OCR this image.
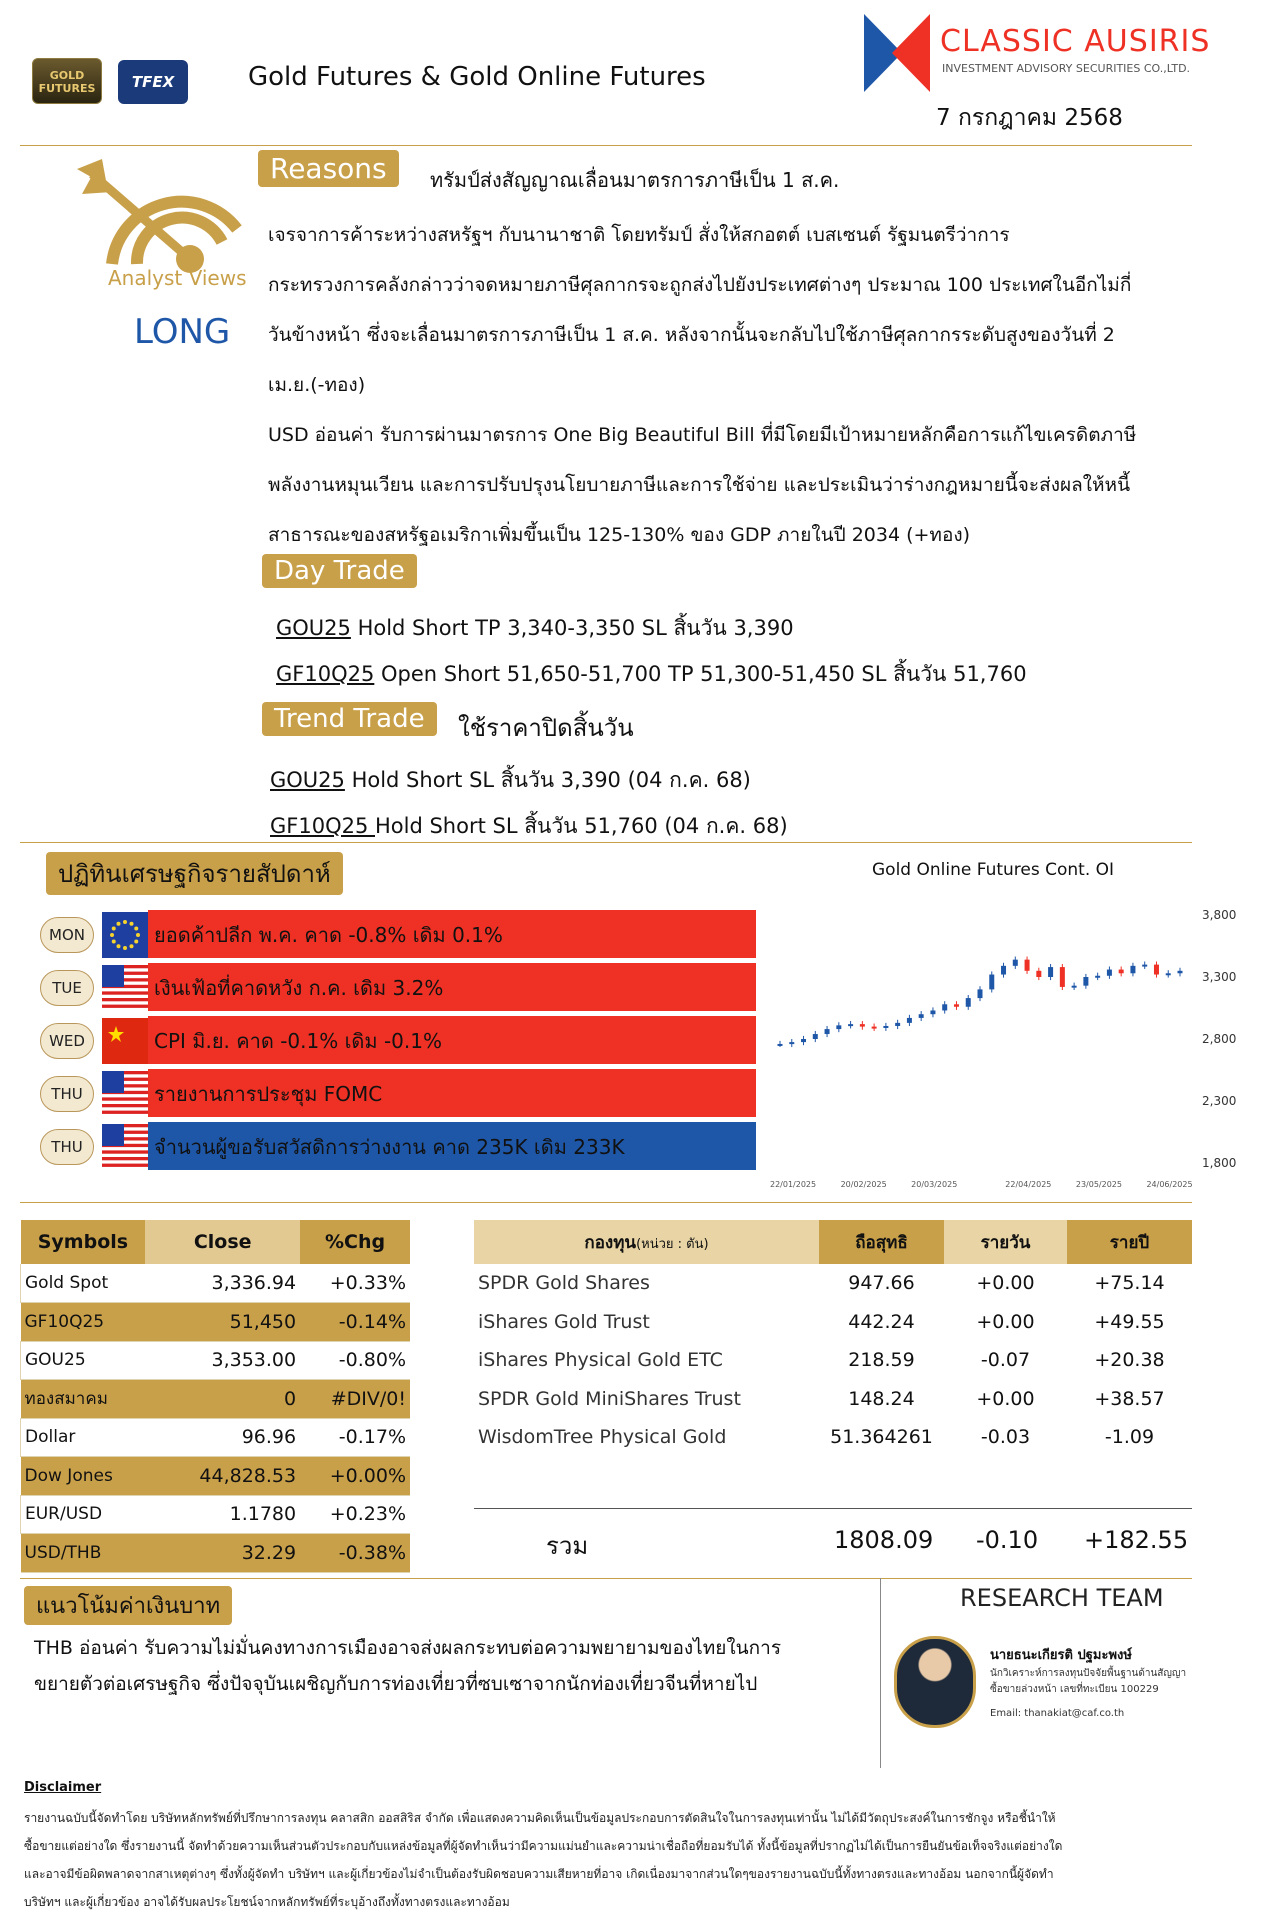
GOLD FUTURES	TFEX	Gold Futures & Gold Online Futures
CLASSIC AUSIRIS
INVESTMENT ADVISORY SECURITIES CO.,LTD.
7 กรกฎาคม 2568
Analyst Views
LONG
Reasons	ทรัมป์ส่งสัญญาณเลื่อนมาตรการภาษีเป็น 1 ส.ค.
เจรจาการค้าระหว่างสหรัฐฯ กับนานาชาติ โดยทรัมป์ สั่งให้สกอตต์ เบสเซนต์ รัฐมนตรีว่าการ
กระทรวงการคลังกล่าวว่าจดหมายภาษีศุลกากรจะถูกส่งไปยังประเทศต่างๆ ประมาณ 100 ประเทศในอีกไม่กี่
วันข้างหน้า ซึ่งจะเลื่อนมาตรการภาษีเป็น 1 ส.ค. หลังจากนั้นจะกลับไปใช้ภาษีศุลกากรระดับสูงของวันที่ 2
เม.ย.(-ทอง)
USD อ่อนค่า รับการผ่านมาตรการ One Big Beautiful Bill ที่มีโดยมีเป้าหมายหลักคือการแก้ไขเครดิตภาษี
พลังงานหมุนเวียน และการปรับปรุงนโยบายภาษีและการใช้จ่าย และประเมินว่าร่างกฎหมายนี้จะส่งผลให้หนี้
สาธารณะของสหรัฐอเมริกาเพิ่มขึ้นเป็น 125-130% ของ GDP ภายในปี 2034 (+ทอง)
Day Trade
GOU25 Hold Short TP 3,340-3,350 SL สิ้นวัน 3,390
GF10Q25 Open Short 51,650-51,700 TP 51,300-51,450 SL สิ้นวัน 51,760
Trend Trade	ใช้ราคาปิดสิ้นวัน
GOU25 Hold Short SL สิ้นวัน 3,390 (04 ก.ค. 68)
GF10Q25 Hold Short SL สิ้นวัน 51,760 (04 ก.ค. 68)
ปฏิทินเศรษฐกิจรายสัปดาห์
MON	ยอดค้าปลีก พ.ค. คาด -0.8% เดิม 0.1%
TUE	เงินเฟ้อที่คาดหวัง ก.ค. เดิม 3.2%
WED	CPI มิ.ย. คาด -0.1% เดิม -0.1%
THU	รายงานการประชุม FOMC
THU	จำนวนผู้ขอรับสวัสดิการว่างงาน คาด 235K เดิม 233K
Gold Online Futures Cont. OI
3,800
3,300
2,800
2,300
1,800
22/01/2025	20/02/2025	20/03/2025	22/04/2025	23/05/2025	24/06/2025
Symbols	Close	%Chg
Gold Spot	3,336.94	+0.33%
GF10Q25	51,450	-0.14%
GOU25	3,353.00	-0.80%
ทองสมาคม	0	#DIV/0!
Dollar	96.96	-0.17%
Dow Jones	44,828.53	+0.00%
EUR/USD	1.1780	+0.23%
USD/THB	32.29	-0.38%
กองทุน(หน่วย : ตัน)	ถือสุทธิ	รายวัน	รายปี
SPDR Gold Shares	947.66	+0.00	+75.14
iShares Gold Trust	442.24	+0.00	+49.55
iShares Physical Gold ETC	218.59	-0.07	+20.38
SPDR Gold MiniShares Trust	148.24	+0.00	+38.57
WisdomTree Physical Gold	51.364261	-0.03	-1.09
รวม	1808.09 -0.10 +182.55
แนวโน้มค่าเงินบาท
THB อ่อนค่า รับความไม่มั่นคงทางการเมืองอาจส่งผลกระทบต่อความพยายามของไทยในการ
ขยายตัวต่อเศรษฐกิจ ซึ่งปัจจุบันเผชิญกับการท่องเที่ยวที่ซบเซาจากนักท่องเที่ยวจีนที่หายไป
RESEARCH TEAM
นายธนะเกียรติ ปฐมะพงษ์
นักวิเคราะห์การลงทุนปัจจัยพื้นฐานด้านสัญญาซื้อขายล่วงหน้า เลขที่ทะเบียน 100229
Email: thanakiat@caf.co.th
Disclaimer
รายงานฉบับนี้จัดทำโดย บริษัทหลักทรัพย์ที่ปรึกษาการลงทุน คลาสสิก ออสสิริส จำกัด เพื่อแสดงความคิดเห็นเป็นข้อมูลประกอบการตัดสินใจในการลงทุนเท่านั้น ไม่ได้มีวัตถุประสงค์ในการชักจูง หรือชี้นำให้
ซื้อขายแต่อย่างใด ซึ่งรายงานนี้ จัดทำด้วยความเห็นส่วนตัวประกอบกับแหล่งข้อมูลที่ผู้จัดทำเห็นว่ามีความแม่นยำและความน่าเชื่อถือที่ยอมรับได้ ทั้งนี้ข้อมูลที่ปรากฏไม่ได้เป็นการยืนยันข้อเท็จจริงแต่อย่างใด
และอาจมีข้อผิดพลาดจากสาเหตุต่างๆ ซึ่งทั้งผู้จัดทำ บริษัทฯ และผู้เกี่ยวข้องไม่จำเป็นต้องรับผิดชอบความเสียหายที่อาจ เกิดเนื่องมาจากส่วนใดๆของรายงานฉบับนี้ทั้งทางตรงและทางอ้อม นอกจากนี้ผู้จัดทำ
บริษัทฯ และผู้เกี่ยวข้อง อาจได้รับผลประโยชน์จากหลักทรัพย์ที่ระบุอ้างถึงทั้งทางตรงและทางอ้อม
